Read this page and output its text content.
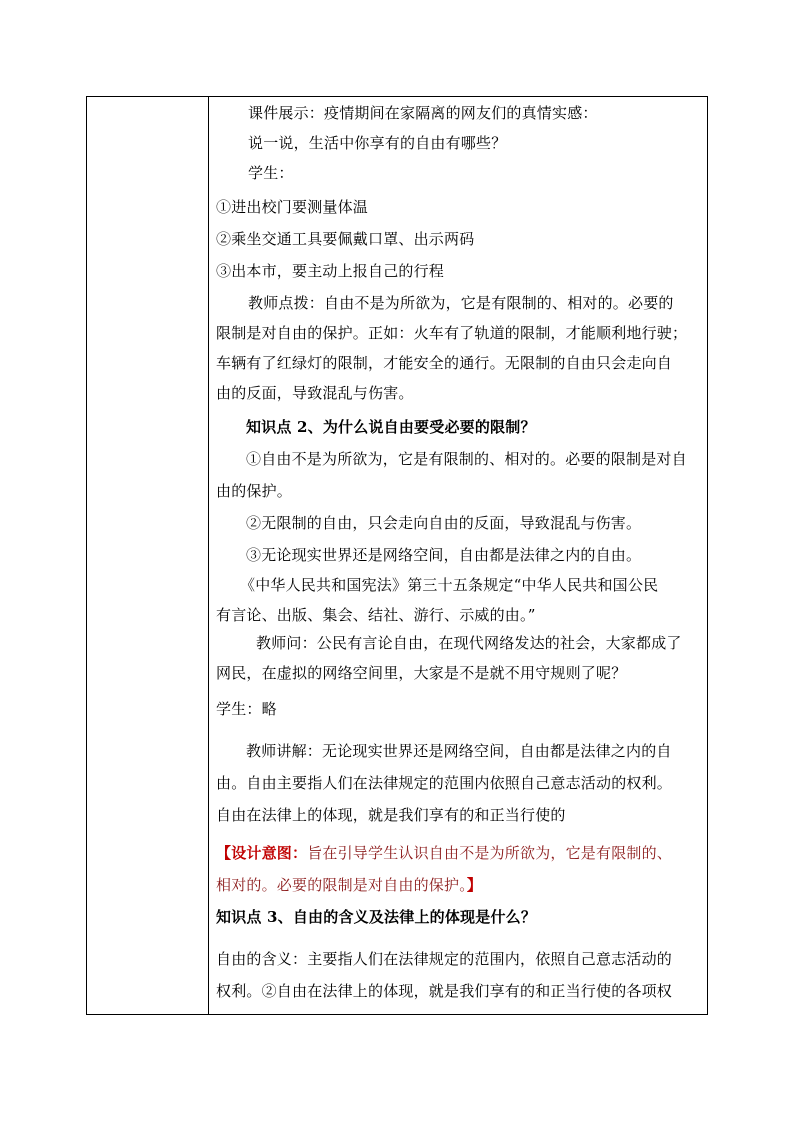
课件展示：疫情期间在家隔离的网友们的真情实感：
说一说，生活中你享有的自由有哪些？
学生：
①进出校门要测量体温
②乘坐交通工具要佩戴口罩、出示两码
③出本市，要主动上报自己的行程
教师点拨：自由不是为所欲为，它是有限制的、相对的。必要的
限制是对自由的保护。正如：火车有了轨道的限制，才能顺利地行驶；
车辆有了红绿灯的限制，才能安全的通行。无限制的自由只会走向自
由的反面，导致混乱与伤害。
知识点 2、为什么说自由要受必要的限制？
①自由不是为所欲为，它是有限制的、相对的。必要的限制是对自
由的保护。
②无限制的自由，只会走向自由的反面，导致混乱与伤害。
③无论现实世界还是网络空间，自由都是法律之内的自由。
《中华人民共和国宪法》第三十五条规定“中华人民共和国公民
有言论、出版、集会、结社、游行、示威的由。”
教师问：公民有言论自由，在现代网络发达的社会，大家都成了
网民，在虚拟的网络空间里，大家是不是就不用守规则了呢？
学生：略
教师讲解：无论现实世界还是网络空间，自由都是法律之内的自
由。自由主要指人们在法律规定的范围内依照自己意志活动的权利。
自由在法律上的体现，就是我们享有的和正当行使的
【设计意图：旨在引导学生认识自由不是为所欲为，它是有限制的、
相对的。必要的限制是对自由的保护。】
知识点 3、自由的含义及法律上的体现是什么？
自由的含义：主要指人们在法律规定的范围内，依照自己意志活动的
权利。②自由在法律上的体现，就是我们享有的和正当行使的各项权
